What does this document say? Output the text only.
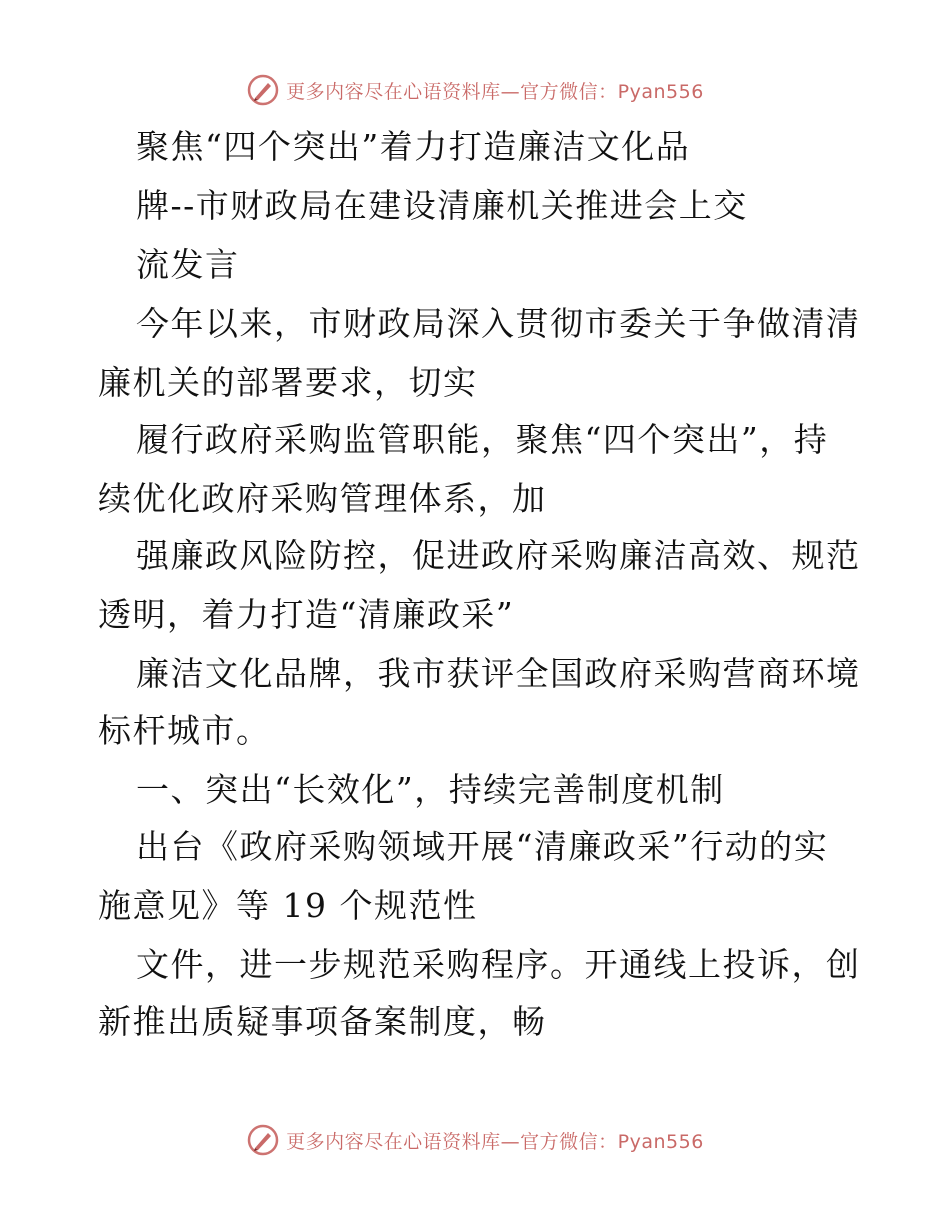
更多内容尽在心语资料库—官方微信：Pyan556
聚焦“四个突出”着力打造廉洁文化品
牌--市财政局在建设清廉机关推进会上交
流发言
今年以来，市财政局深入贯彻市委关于争做清清
廉机关的部署要求，切实
履行政府采购监管职能，聚焦“四个突出”，持
续优化政府采购管理体系，加
强廉政风险防控，促进政府采购廉洁高效、规范
透明，着力打造“清廉政采”
廉洁文化品牌，我市获评全国政府采购营商环境
标杆城市。
一、突出“长效化”，持续完善制度机制
出台《政府采购领域开展“清廉政采”行动的实
施意见》等 19 个规范性
文件，进一步规范采购程序。开通线上投诉，创
新推出质疑事项备案制度，畅
更多内容尽在心语资料库—官方微信：Pyan556
